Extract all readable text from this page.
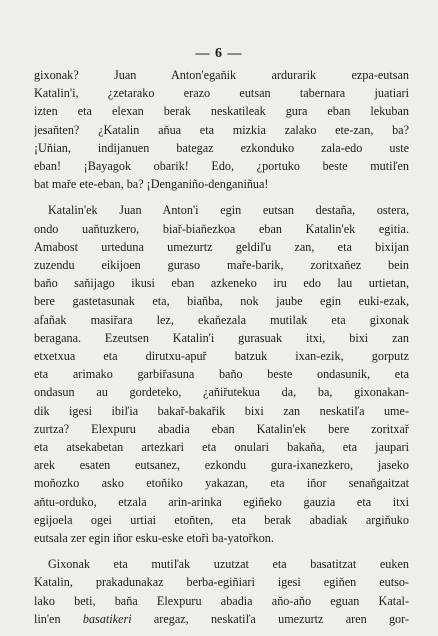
— 6 —
gixonak? Juan Anton'egaňik ardurarik ezpa-eutsan
Katalin'i, ¿zetarako erazo eutsan tabernara juatiari
izten eta elexan berak neskatileak gura eban lekuban
jesaňten? ¿Katalin aňua eta mizkia zalako ete-zan, ba?
¡Uňian, indijanuen bategaz ezkonduko zala-edo uste
eban! ¡Bayagok obarik! Edo, ¿portuko beste mutiľen
bat maře ete-eban, ba? ¡Denganiño-denganiñua!
Katalin'ek Juan Anton'i egin eutsan destaña, ostera,
ondo uaňtuzkero, biař-biaňezkoa eban Katalin'ek egitia.
Amabost urteduna umezurtz geldiľu zan, eta bixijan
zuzendu eikijoen guraso maře-barik, zoritxaňez bein
baňo saňijago ikusi eban azkeneko iru edo lau urtietan,
bere gastetasunak eta, biaňba, nok jaube egin euki-ezak,
afañak masiřara lez, ekaňezala mutilak eta gixonak
beragana. Ezeutsen Katalin'i gurasuak itxi, bixi zan
etxetxua eta dirutxu-apuř batzuk ixan-ezik, gorputz
eta arimako garbiřasuna baňo beste ondasunik, eta
ondasun au gordeteko, ¿aňiřutekua da, ba, gixonakan-
dik igesi ibiľia bakař-bakařik bixi zan neskatiľa ume-
zurtza? Elexpuru abadia eban Katalin'ek bere zoritxař
eta atsekabetan artezkari eta onulari bakaňa, eta jaupari
arek esaten eutsanez, ezkondu gura-ixanezkero, jaseko
moňozko asko etoňiko yakazan, eta iňor senaňgaitzat
aňtu-orduko, etzala arin-arinka egiňeko gauzia eta itxi
egijoela ogei urtiai etoňten, eta berak abadiak argiňuko
eutsala zer egin iňor esku-eske etoři ba-yatořkon.
Gixonak eta mutiľak uzutzat eta basatitzat euken
Katalin, prakadunakaz berba-egiňiari igesi egiňen eutso-
lako beti, baňa Elexpuru abadia aňo-aňo eguan Katal-
lin'en basatikeri aregaz, neskatiľa umezurtz aren gor-
